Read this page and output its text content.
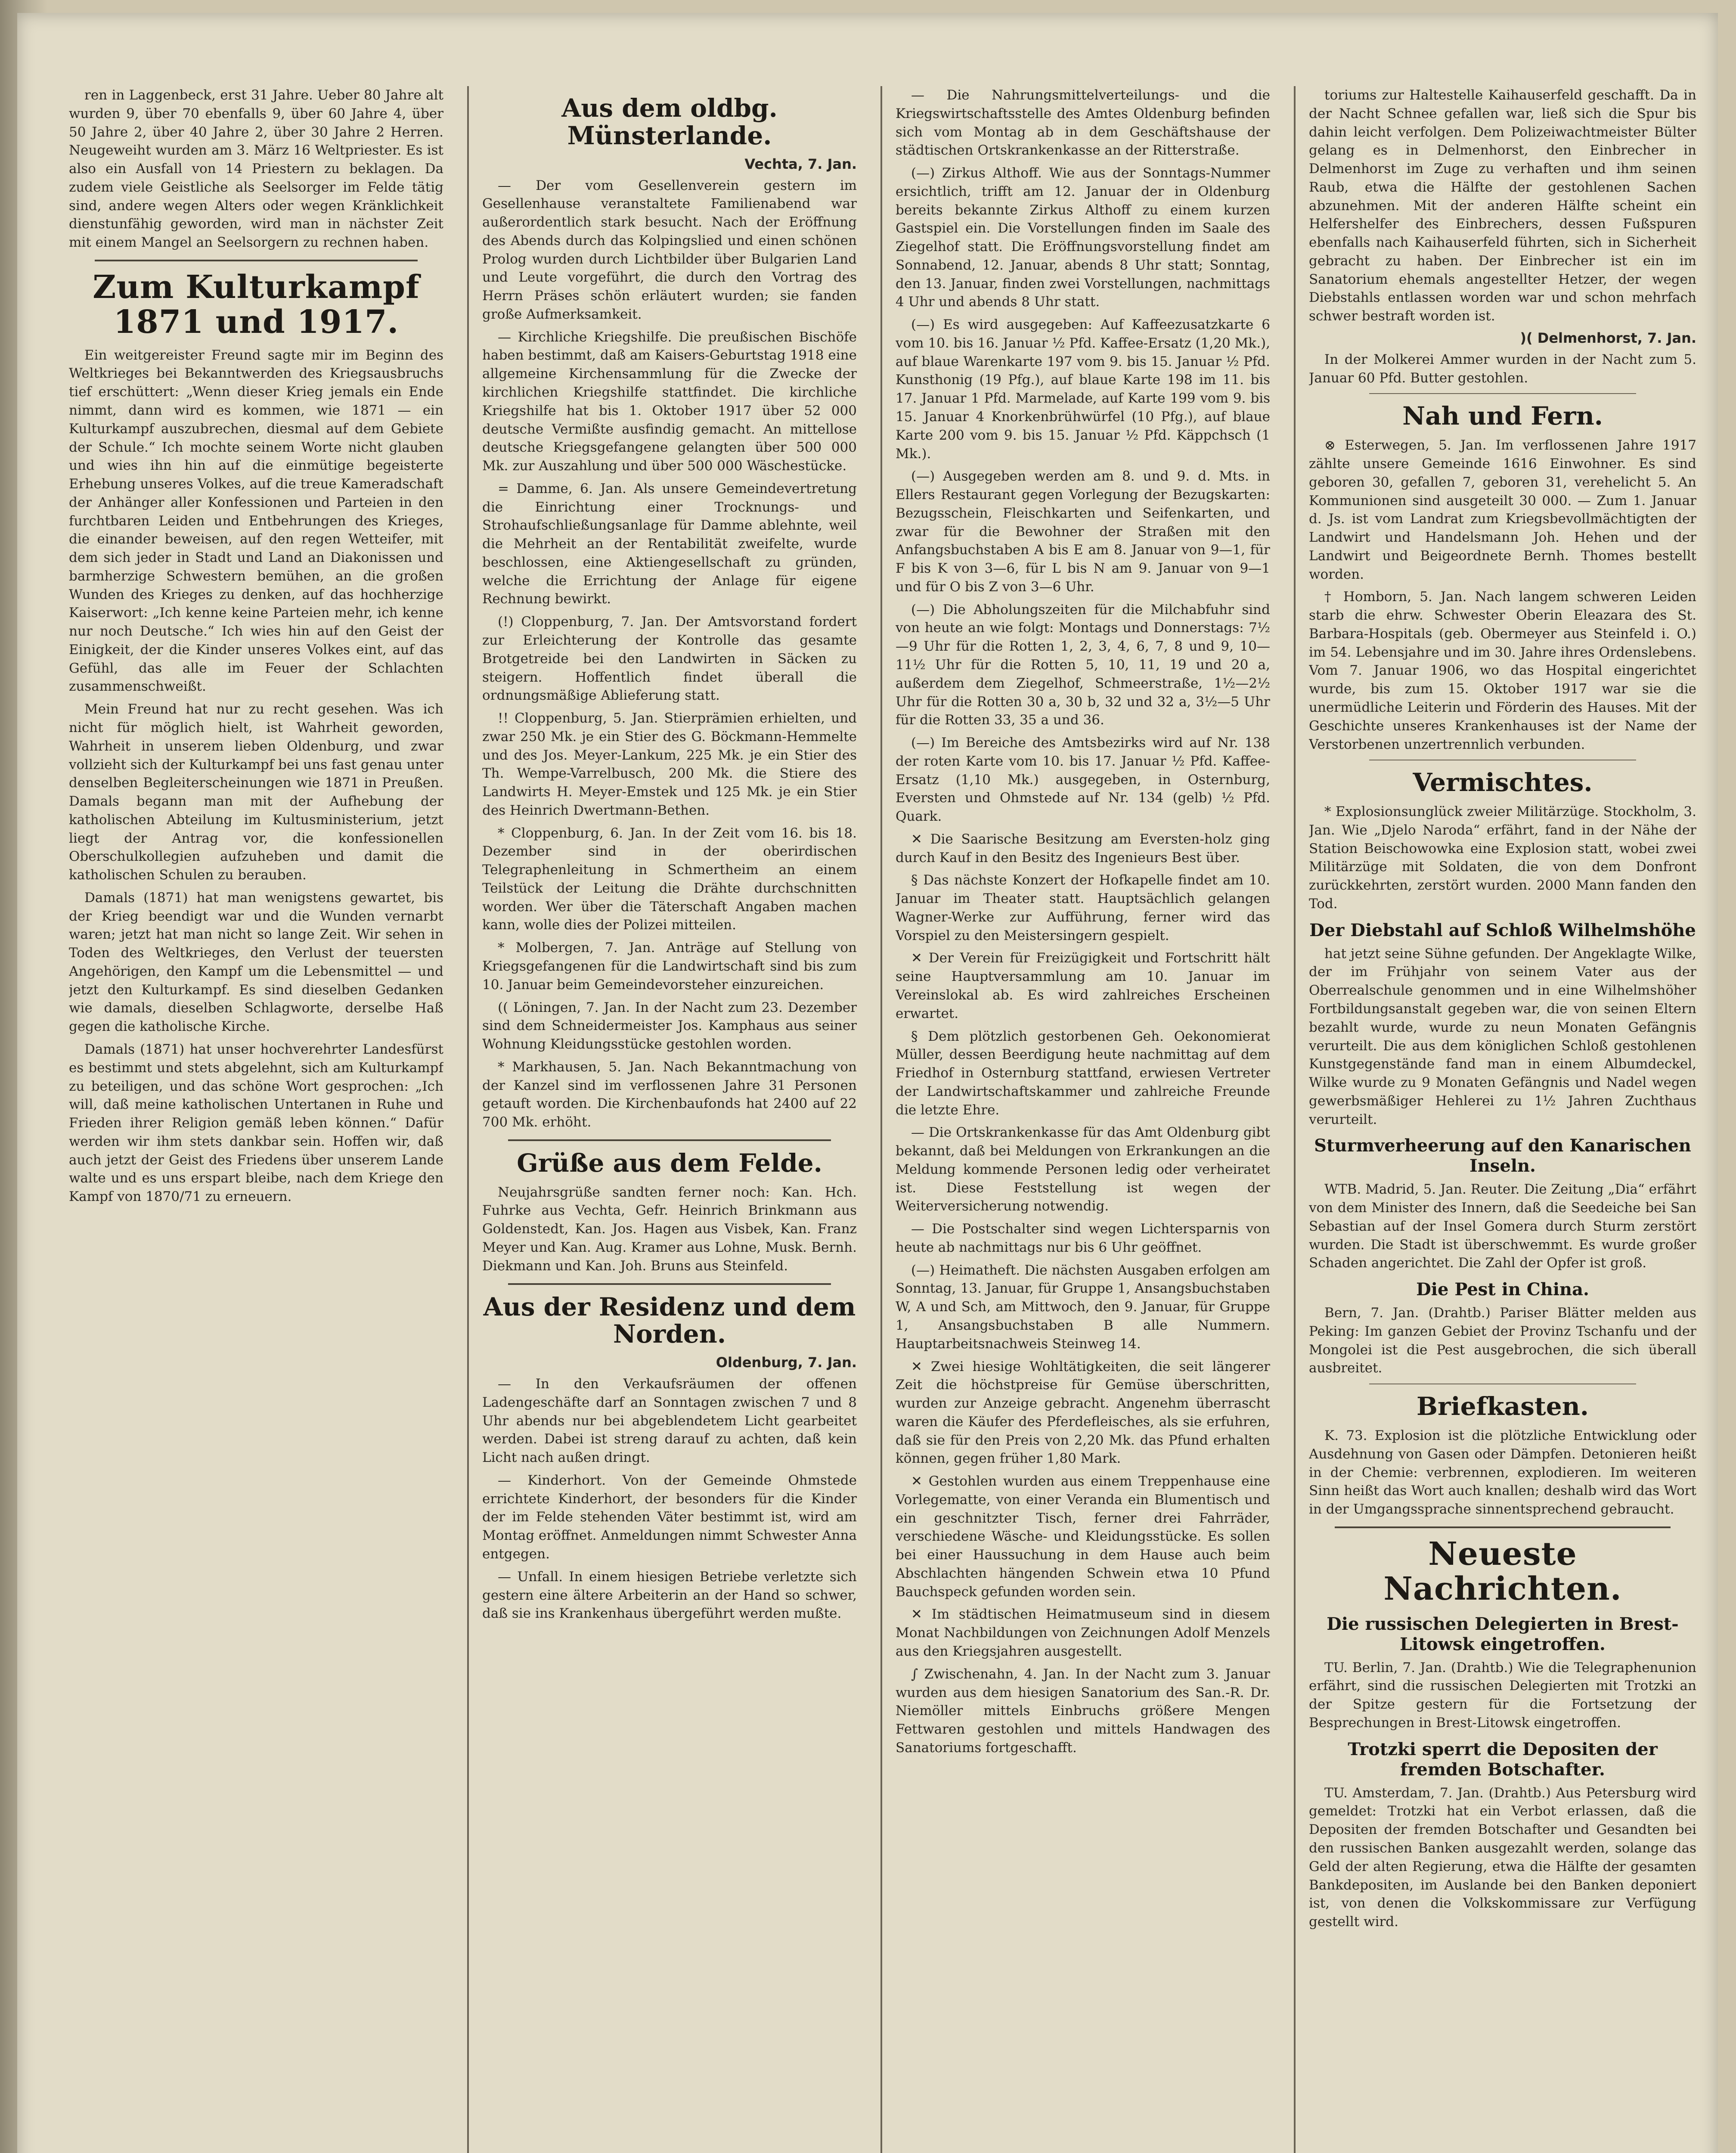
ren in Laggenbeck, erst 31 Jahre. Ueber 80 Jahre alt wurden 9, über 70 ebenfalls 9, über 60 Jahre 4, über 50 Jahre 2, über 40 Jahre 2, über 30 Jahre 2 Herren. Neugeweiht wurden am 3. März 16 Weltpriester. Es ist also ein Ausfall von 14 Priestern zu beklagen. Da zudem viele Geistliche als Seelsorger im Felde tätig sind, andere wegen Alters oder wegen Kränklichkeit dienstunfähig geworden, wird man in nächster Zeit mit einem Mangel an Seelsorgern zu rechnen haben.

Zum Kulturkampf 1871 und 1917.

Ein weitgereister Freund sagte mir im Beginn des Weltkrieges bei Bekanntwerden des Kriegsausbruchs tief erschüttert: „Wenn dieser Krieg jemals ein Ende nimmt, dann wird es kommen, wie 1871 — ein Kulturkampf auszubrechen, diesmal auf dem Gebiete der Schule.“ Ich mochte seinem Worte nicht glauben und wies ihn hin auf die einmütige begeisterte Erhebung unseres Volkes, auf die treue Kameradschaft der Anhänger aller Konfessionen und Parteien in den furchtbaren Leiden und Entbehrungen des Krieges, die einander beweisen, auf den regen Wetteifer, mit dem sich jeder in Stadt und Land an Diakonissen und barmherzige Schwestern bemühen, an die großen Wunden des Krieges zu denken, auf das hochherzige Kaiserwort: „Ich kenne keine Parteien mehr, ich kenne nur noch Deutsche.“ Ich wies hin auf den Geist der Einigkeit, der die Kinder unseres Volkes eint, auf das Gefühl, das alle im Feuer der Schlachten zusammenschweißt.

Mein Freund hat nur zu recht gesehen. Was ich nicht für möglich hielt, ist Wahrheit geworden, Wahrheit in unserem lieben Oldenburg, und zwar vollzieht sich der Kulturkampf bei uns fast genau unter denselben Begleiterscheinungen wie 1871 in Preußen. Damals begann man mit der Aufhebung der katholischen Abteilung im Kultusministerium, jetzt liegt der Antrag vor, die konfessionellen Oberschulkollegien aufzuheben und damit die katholischen Schulen zu berauben.

Damals (1871) hat man wenigstens gewartet, bis der Krieg beendigt war und die Wunden vernarbt waren; jetzt hat man nicht so lange Zeit. Wir sehen in Toden des Weltkrieges, den Verlust der teuersten Angehörigen, den Kampf um die Lebensmittel — und jetzt den Kulturkampf. Es sind dieselben Gedanken wie damals, dieselben Schlagworte, derselbe Haß gegen die katholische Kirche.

Damals (1871) hat unser hochverehrter Landesfürst es bestimmt und stets abgelehnt, sich am Kulturkampf zu beteiligen, und das schöne Wort gesprochen: „Ich will, daß meine katholischen Untertanen in Ruhe und Frieden ihrer Religion gemäß leben können.“ Dafür werden wir ihm stets dankbar sein. Hoffen wir, daß auch jetzt der Geist des Friedens über unserem Lande walte und es uns erspart bleibe, nach dem Kriege den Kampf von 1870/71 zu erneuern.

Aus dem oldbg. Münsterlande.
Vechta, 7. Jan.

— Der vom Gesellenverein gestern im Gesellenhause veranstaltete Familienabend war außerordentlich stark besucht. Nach der Eröffnung des Abends durch das Kolpingslied und einen schönen Prolog wurden durch Lichtbilder über Bulgarien Land und Leute vorgeführt, die durch den Vortrag des Herrn Präses schön erläutert wurden; sie fanden große Aufmerksamkeit.

— Kirchliche Kriegshilfe. Die preußischen Bischöfe haben bestimmt, daß am Kaisers-Geburtstag 1918 eine allgemeine Kirchensammlung für die Zwecke der kirchlichen Kriegshilfe stattfindet. Die kirchliche Kriegshilfe hat bis 1. Oktober 1917 über 52 000 deutsche Vermißte ausfindig gemacht. An mittellose deutsche Kriegsgefangene gelangten über 500 000 Mk. zur Auszahlung und über 500 000 Wäschestücke.

= Damme, 6. Jan. Als unsere Gemeindevertretung die Einrichtung einer Trocknungs- und Strohaufschließungsanlage für Damme ablehnte, weil die Mehrheit an der Rentabilität zweifelte, wurde beschlossen, eine Aktiengesellschaft zu gründen, welche die Errichtung der Anlage für eigene Rechnung bewirkt.

(!) Cloppenburg, 7. Jan. Der Amtsvorstand fordert zur Erleichterung der Kontrolle das gesamte Brotgetreide bei den Landwirten in Säcken zu steigern. Hoffentlich findet überall die ordnungsmäßige Ablieferung statt.

!! Cloppenburg, 5. Jan. Stierprämien erhielten, und zwar 250 Mk. je ein Stier des G. Böckmann-Hemmelte und des Jos. Meyer-Lankum, 225 Mk. je ein Stier des Th. Wempe-Varrelbusch, 200 Mk. die Stiere des Landwirts H. Meyer-Emstek und 125 Mk. je ein Stier des Heinrich Dwertmann-Bethen.

* Cloppenburg, 6. Jan. In der Zeit vom 16. bis 18. Dezember sind in der oberirdischen Telegraphenleitung in Schmertheim an einem Teilstück der Leitung die Drähte durchschnitten worden. Wer über die Täterschaft Angaben machen kann, wolle dies der Polizei mitteilen.

* Molbergen, 7. Jan. Anträge auf Stellung von Kriegsgefangenen für die Landwirtschaft sind bis zum 10. Januar beim Gemeindevorsteher einzureichen.

(( Löningen, 7. Jan. In der Nacht zum 23. Dezember sind dem Schneidermeister Jos. Kamphaus aus seiner Wohnung Kleidungsstücke gestohlen worden.

* Markhausen, 5. Jan. Nach Bekanntmachung von der Kanzel sind im verflossenen Jahre 31 Personen getauft worden. Die Kirchenbaufonds hat 2400 auf 22 700 Mk. erhöht.

Grüße aus dem Felde.

Neujahrsgrüße sandten ferner noch: Kan. Hch. Fuhrke aus Vechta, Gefr. Heinrich Brinkmann aus Goldenstedt, Kan. Jos. Hagen aus Visbek, Kan. Franz Meyer und Kan. Aug. Kramer aus Lohne, Musk. Bernh. Diekmann und Kan. Joh. Bruns aus Steinfeld.

Aus der Residenz und dem Norden.
Oldenburg, 7. Jan.

— In den Verkaufsräumen der offenen Ladengeschäfte darf an Sonntagen zwischen 7 und 8 Uhr abends nur bei abgeblendetem Licht gearbeitet werden. Dabei ist streng darauf zu achten, daß kein Licht nach außen dringt.

— Kinderhort. Von der Gemeinde Ohmstede errichtete Kinderhort, der besonders für die Kinder der im Felde stehenden Väter bestimmt ist, wird am Montag eröffnet. Anmeldungen nimmt Schwester Anna entgegen.

— Unfall. In einem hiesigen Betriebe verletzte sich gestern eine ältere Arbeiterin an der Hand so schwer, daß sie ins Krankenhaus übergeführt werden mußte.

— Die Nahrungsmittelverteilungs- und die Kriegswirtschaftsstelle des Amtes Oldenburg befinden sich vom Montag ab in dem Geschäftshause der städtischen Ortskrankenkasse an der Ritterstraße.

(—) Zirkus Althoff. Wie aus der Sonntags-Nummer ersichtlich, trifft am 12. Januar der in Oldenburg bereits bekannte Zirkus Althoff zu einem kurzen Gastspiel ein. Die Vorstellungen finden im Saale des Ziegelhof statt. Die Eröffnungsvorstellung findet am Sonnabend, 12. Januar, abends 8 Uhr statt; Sonntag, den 13. Januar, finden zwei Vorstellungen, nachmittags 4 Uhr und abends 8 Uhr statt.

(—) Es wird ausgegeben: Auf Kaffeezusatzkarte 6 vom 10. bis 16. Januar ½ Pfd. Kaffee-Ersatz (1,20 Mk.), auf blaue Warenkarte 197 vom 9. bis 15. Januar ½ Pfd. Kunsthonig (19 Pfg.), auf blaue Karte 198 im 11. bis 17. Januar 1 Pfd. Marmelade, auf Karte 199 vom 9. bis 15. Januar 4 Knorkenbrühwürfel (10 Pfg.), auf blaue Karte 200 vom 9. bis 15. Januar ½ Pfd. Käppchsch (1 Mk.).

(—) Ausgegeben werden am 8. und 9. d. Mts. in Ellers Restaurant gegen Vorlegung der Bezugskarten: Bezugsschein, Fleischkarten und Seifenkarten, und zwar für die Bewohner der Straßen mit den Anfangsbuchstaben A bis E am 8. Januar von 9—1, für F bis K von 3—6, für L bis N am 9. Januar von 9—1 und für O bis Z von 3—6 Uhr.

(—) Die Abholungszeiten für die Milchabfuhr sind von heute an wie folgt: Montags und Donnerstags: 7½—9 Uhr für die Rotten 1, 2, 3, 4, 6, 7, 8 und 9, 10—11½ Uhr für die Rotten 5, 10, 11, 19 und 20 a, außerdem dem Ziegelhof, Schmeerstraße, 1½—2½ Uhr für die Rotten 30 a, 30 b, 32 und 32 a, 3½—5 Uhr für die Rotten 33, 35 a und 36.

(—) Im Bereiche des Amtsbezirks wird auf Nr. 138 der roten Karte vom 10. bis 17. Januar ½ Pfd. Kaffee-Ersatz (1,10 Mk.) ausgegeben, in Osternburg, Eversten und Ohmstede auf Nr. 134 (gelb) ½ Pfd. Quark.

✕ Die Saarische Besitzung am Eversten-holz ging durch Kauf in den Besitz des Ingenieurs Best über.

§ Das nächste Konzert der Hofkapelle findet am 10. Januar im Theater statt. Hauptsächlich gelangen Wagner-Werke zur Aufführung, ferner wird das Vorspiel zu den Meistersingern gespielt.

✕ Der Verein für Freizügigkeit und Fortschritt hält seine Hauptversammlung am 10. Januar im Vereinslokal ab. Es wird zahlreiches Erscheinen erwartet.

§ Dem plötzlich gestorbenen Geh. Oekonomierat Müller, dessen Beerdigung heute nachmittag auf dem Friedhof in Osternburg stattfand, erwiesen Vertreter der Landwirtschaftskammer und zahlreiche Freunde die letzte Ehre.

— Die Ortskrankenkasse für das Amt Oldenburg gibt bekannt, daß bei Meldungen von Erkrankungen an die Meldung kommende Personen ledig oder verheiratet ist. Diese Feststellung ist wegen der Weiterversicherung notwendig.

— Die Postschalter sind wegen Lichtersparnis von heute ab nachmittags nur bis 6 Uhr geöffnet.

(—) Heimatheft. Die nächsten Ausgaben erfolgen am Sonntag, 13. Januar, für Gruppe 1, Ansangsbuchstaben W, A und Sch, am Mittwoch, den 9. Januar, für Gruppe 1, Ansangsbuchstaben B alle Nummern. Hauptarbeitsnachweis Steinweg 14.

✕ Zwei hiesige Wohltätigkeiten, die seit längerer Zeit die höchstpreise für Gemüse überschritten, wurden zur Anzeige gebracht. Angenehm überrascht waren die Käufer des Pferdefleisches, als sie erfuhren, daß sie für den Preis von 2,20 Mk. das Pfund erhalten können, gegen früher 1,80 Mark.

✕ Gestohlen wurden aus einem Treppenhause eine Vorlegematte, von einer Veranda ein Blumentisch und ein geschnitzter Tisch, ferner drei Fahrräder, verschiedene Wäsche- und Kleidungsstücke. Es sollen bei einer Haussuchung in dem Hause auch beim Abschlachten hängenden Schwein etwa 10 Pfund Bauchspeck gefunden worden sein.

✕ Im städtischen Heimatmuseum sind in diesem Monat Nachbildungen von Zeichnungen Adolf Menzels aus den Kriegsjahren ausgestellt.

∫ Zwischenahn, 4. Jan. In der Nacht zum 3. Januar wurden aus dem hiesigen Sanatorium des San.-R. Dr. Niemöller mittels Einbruchs größere Mengen Fettwaren gestohlen und mittels Handwagen des Sanatoriums fortgeschafft.

toriums zur Haltestelle Kaihauserfeld geschafft. Da in der Nacht Schnee gefallen war, ließ sich die Spur bis dahin leicht verfolgen. Dem Polizeiwachtmeister Bülter gelang es in Delmenhorst, den Einbrecher in Delmenhorst im Zuge zu verhaften und ihm seinen Raub, etwa die Hälfte der gestohlenen Sachen abzunehmen. Mit der anderen Hälfte scheint ein Helfershelfer des Einbrechers, dessen Fußspuren ebenfalls nach Kaihauserfeld führten, sich in Sicherheit gebracht zu haben. Der Einbrecher ist ein im Sanatorium ehemals angestellter Hetzer, der wegen Diebstahls entlassen worden war und schon mehrfach schwer bestraft worden ist.

)( Delmenhorst, 7. Jan.

In der Molkerei Ammer wurden in der Nacht zum 5. Januar 60 Pfd. Butter gestohlen.

Nah und Fern.

⊗ Esterwegen, 5. Jan. Im verflossenen Jahre 1917 zählte unsere Gemeinde 1616 Einwohner. Es sind geboren 30, gefallen 7, geboren 31, verehelicht 5. An Kommunionen sind ausgeteilt 30 000. — Zum 1. Januar d. Js. ist vom Landrat zum Kriegsbevollmächtigten der Landwirt und Handelsmann Joh. Hehen und der Landwirt und Beigeordnete Bernh. Thomes bestellt worden.

† Homborn, 5. Jan. Nach langem schweren Leiden starb die ehrw. Schwester Oberin Eleazara des St. Barbara-Hospitals (geb. Obermeyer aus Steinfeld i. O.) im 54. Lebensjahre und im 30. Jahre ihres Ordenslebens. Vom 7. Januar 1906, wo das Hospital eingerichtet wurde, bis zum 15. Oktober 1917 war sie die unermüdliche Leiterin und Förderin des Hauses. Mit der Geschichte unseres Krankenhauses ist der Name der Verstorbenen unzertrennlich verbunden.

Vermischtes.

* Explosionsunglück zweier Militärzüge. Stockholm, 3. Jan. Wie „Djelo Naroda“ erfährt, fand in der Nähe der Station Beischowowka eine Explosion statt, wobei zwei Militärzüge mit Soldaten, die von dem Donfront zurückkehrten, zerstört wurden. 2000 Mann fanden den Tod.

Der Diebstahl auf Schloß Wilhelmshöhe

hat jetzt seine Sühne gefunden. Der Angeklagte Wilke, der im Frühjahr von seinem Vater aus der Oberrealschule genommen und in eine Wilhelmshöher Fortbildungsanstalt gegeben war, die von seinen Eltern bezahlt wurde, wurde zu neun Monaten Gefängnis verurteilt. Die aus dem königlichen Schloß gestohlenen Kunstgegenstände fand man in einem Albumdeckel, Wilke wurde zu 9 Monaten Gefängnis und Nadel wegen gewerbsmäßiger Hehlerei zu 1½ Jahren Zuchthaus verurteilt.

Sturmverheerung auf den Kanarischen Inseln.

WTB. Madrid, 5. Jan. Reuter. Die Zeitung „Dia“ erfährt von dem Minister des Innern, daß die Seedeiche bei San Sebastian auf der Insel Gomera durch Sturm zerstört wurden. Die Stadt ist überschwemmt. Es wurde großer Schaden angerichtet. Die Zahl der Opfer ist groß.

Die Pest in China.

Bern, 7. Jan. (Drahtb.) Pariser Blätter melden aus Peking: Im ganzen Gebiet der Provinz Tschanfu und der Mongolei ist die Pest ausgebrochen, die sich überall ausbreitet.

Briefkasten.

K. 73. Explosion ist die plötzliche Entwicklung oder Ausdehnung von Gasen oder Dämpfen. Detonieren heißt in der Chemie: verbrennen, explodieren. Im weiteren Sinn heißt das Wort auch knallen; deshalb wird das Wort in der Umgangssprache sinnentsprechend gebraucht.

Neueste Nachrichten.
Die russischen Delegierten in Brest-Litowsk eingetroffen.

TU. Berlin, 7. Jan. (Drahtb.) Wie die Telegraphenunion erfährt, sind die russischen Delegierten mit Trotzki an der Spitze gestern für die Fortsetzung der Besprechungen in Brest-Litowsk eingetroffen.

Trotzki sperrt die Depositen der fremden Botschafter.

TU. Amsterdam, 7. Jan. (Drahtb.) Aus Petersburg wird gemeldet: Trotzki hat ein Verbot erlassen, daß die Depositen der fremden Botschafter und Gesandten bei den russischen Banken ausgezahlt werden, solange das Geld der alten Regierung, etwa die Hälfte der gesamten Bankdepositen, im Auslande bei den Banken deponiert ist, von denen die Volkskommissare zur Verfügung gestellt wird.
